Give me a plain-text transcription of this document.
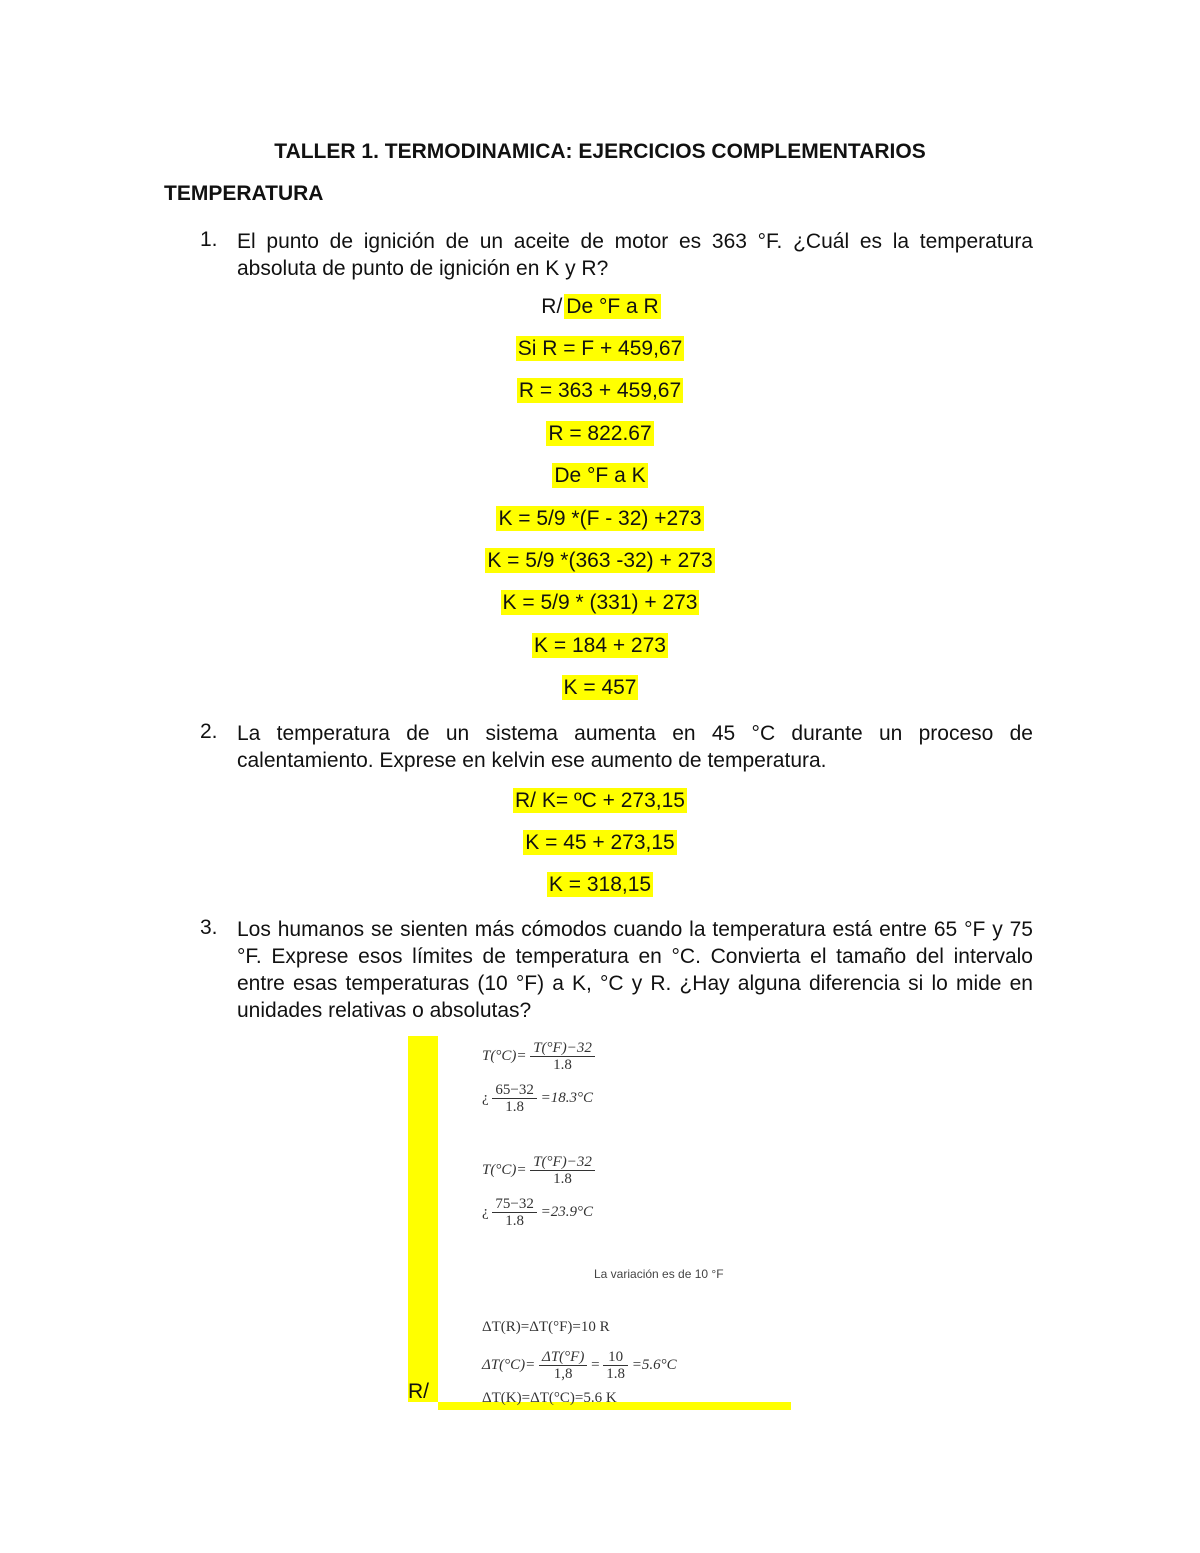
TALLER 1. TERMODINAMICA: EJERCICIOS COMPLEMENTARIOS
TEMPERATURA
1. El punto de ignición de un aceite de motor es 363 °F. ¿Cuál es la temperatura
absoluta de punto de ignición en K y R?
R/ De °F a R
Si R = F + 459,67
R = 363 + 459,67
R = 822.67
De °F a K
K = 5/9 *(F - 32) +273
K = 5/9 *(363 -32) + 273
K = 5/9 * (331) + 273
K = 184 + 273
K = 457
2. La temperatura de un sistema aumenta en 45 °C durante un proceso de
calentamiento. Exprese en kelvin ese aumento de temperatura.
R/ K= ºC + 273,15
K = 45 + 273,15
K = 318,15
3. Los humanos se sienten más cómodos cuando la temperatura está entre 65 °F y 75
°F. Exprese esos límites de temperatura en °C. Convierta el tamaño del intervalo
entre esas temperaturas (10 °F) a K, °C y R. ¿Hay alguna diferencia si lo mide en
unidades relativas o absolutas?
R/
$T(^\circ C)= \frac{T(^\circ F)-32}{1.8}$
¿ $\frac{65-32}{1.8} =18.3^\circ C$
$T(^\circ C)= \frac{T(^\circ F)-32}{1.8}$
¿ $\frac{75-32}{1.8} =23.9^\circ C$
La variación es de 10 °F
ΔT(R)=ΔT(°F)=10 R
$\Delta T(^\circ C)= \frac{\Delta T(^\circ F)}{1,8} = \frac{10}{1.8} =5.6^\circ C$
ΔT(K)=ΔT(°C)=5.6 K
